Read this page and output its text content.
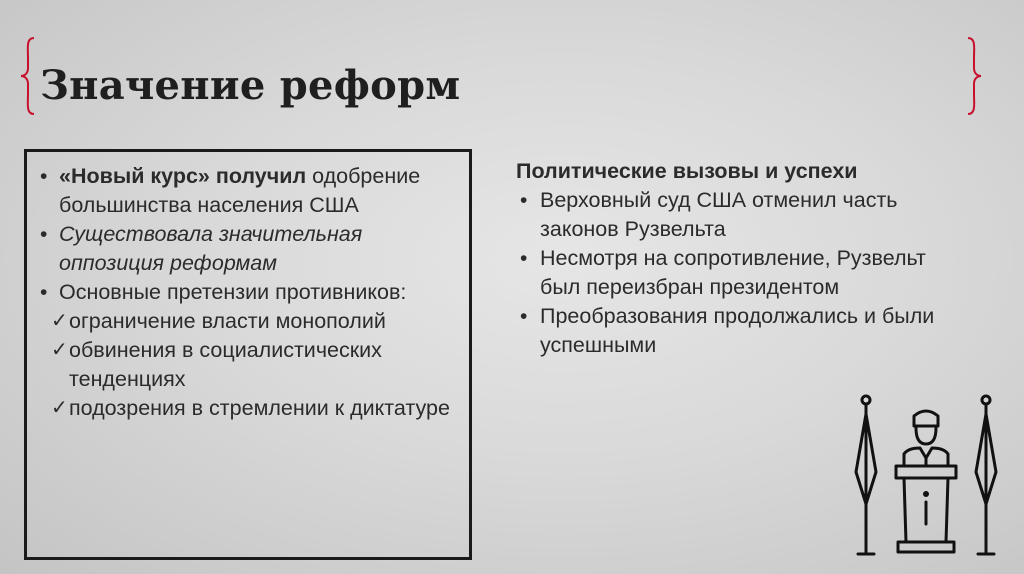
Значение реформ
• «Новый курс» получил одобрение большинства населения США
• Существовала значительная оппозиция реформам
• Основные претензии противников:
✓ ограничение власти монополий
✓ обвинения в социалистических тенденциях
✓ подозрения в стремлении к диктатуре

Политические вызовы и успехи

• Верховный суд США отменил часть законов Рузвельта
• Несмотря на сопротивление, Рузвельт был переизбран президентом
• Преобразования продолжались и были успешными
